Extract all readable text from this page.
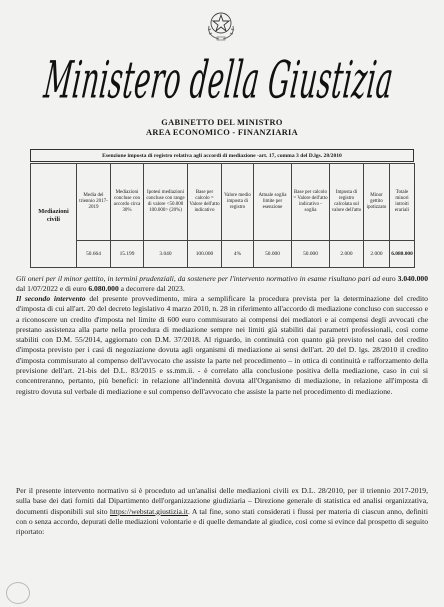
Ministero della Giustizia
GABINETTO DEL MINISTRO
AREA ECONOMICO - FINANZIARIA
Esenzione imposta di registro relativa agli accordi di mediazione -art. 17, comma 3 del D.lgs. 28/2010
Mediazioni civili	Media del triennio 2017-2019	Mediazioni concluse con accordo circa 30%	Ipotesi mediazioni concluse con range di valore <50.000 100.000> (20%)	Base per calcolo = Valore dell'atto indicativo	Valore medio imposta di registro	Attuale soglia limite per esenzione	Base per calcolo = Valore dell'atto indicativo - soglia	Imposta di registro calcolata sul valore dell'atto	Minor gettito ipotizzato	Totale minori introiti erariali
	50.664	15.199	3.040	100.000	4%	50.000	50.000	2.000	2.000	6.080.000
Gli oneri per il minor gettito, in termini prudenziali, da sostenere per l'intervento normativo in esame risultano pari ad euro 3.040.000 dal 1/07/2022 e di euro 6.080.000 a decorrere dal 2023.
Il secondo intervento del presente provvedimento, mira a semplificare la procedura prevista per la determinazione del credito d'imposta di cui all'art. 20 del decreto legislativo 4 marzo 2010, n. 28 in riferimento all'accordo di mediazione concluso con successo e a riconoscere un credito d'imposta nel limite di 600 euro commisurato ai compensi dei mediatori e ai compensi degli avvocati che prestano assistenza alla parte nella procedura di mediazione sempre nei limiti già stabiliti dai parametri professionali, così come stabiliti con D.M. 55/2014, aggiornato con D.M. 37/2018. Al riguardo, in continuità con quanto già previsto nel caso del credito d'imposta previsto per i casi di negoziazione dovuta agli organismi di mediazione ai sensi dell'art. 20 del D. lgs. 28/2010 il credito d'imposta commisurato al compenso dell'avvocato che assiste la parte nel procedimento – in ottica di continuità e rafforzamento della previsione dell'art. 21-bis del D.L. 83/2015 e ss.mm.ii. - è correlato alla conclusione positiva della mediazione, caso in cui si concentreranno, pertanto, più benefici: in relazione all'indennità dovuta all'Organismo di mediazione, in relazione all'imposta di registro dovuta sul verbale di mediazione e sul compenso dell'avvocato che assiste la parte nel procedimento di mediazione.
Per il presente intervento normativo si è proceduto ad un'analisi delle mediazioni civili ex D.L. 28/2010, per il triennio 2017-2019, sulla base dei dati forniti dal Dipartimento dell'organizzazione giudiziaria – Direzione generale di statistica ed analisi organizzativa, documenti disponibili sul sito https://webstat.giustizia.it. A tal fine, sono stati considerati i flussi per materia di ciascun anno, definiti con o senza accordo, depurati delle mediazioni volontarie e di quelle demandate al giudice, così come si evince dal prospetto di seguito riportato:
